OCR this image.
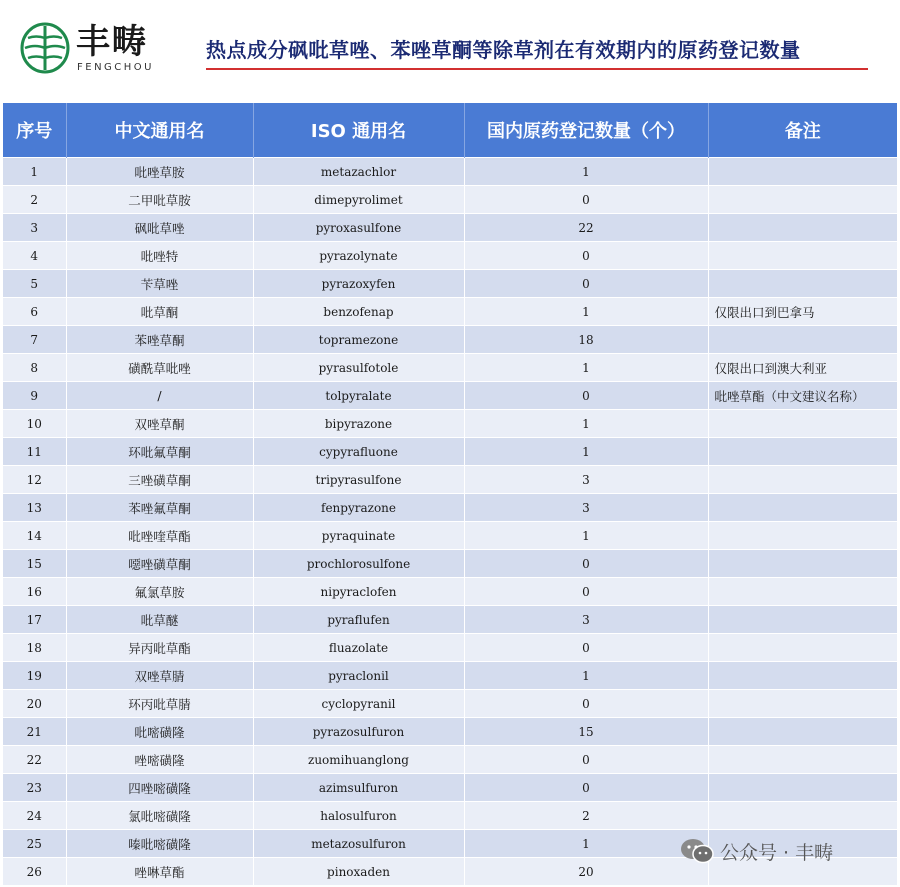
丰畴
FENGCHOU
热点成分砜吡草唑、苯唑草酮等除草剂在有效期内的原药登记数量
序号	中文通用名	ISO 通用名	国内原药登记数量（个）	备注
1	吡唑草胺	metazachlor	1	
2	二甲吡草胺	dimepyrolimet	0	
3	砜吡草唑	pyroxasulfone	22	
4	吡唑特	pyrazolynate	0	
5	苄草唑	pyrazoxyfen	0	
6	吡草酮	benzofenap	1	仅限出口到巴拿马
7	苯唑草酮	topramezone	18	
8	磺酰草吡唑	pyrasulfotole	1	仅限出口到澳大利亚
9	/	tolpyralate	0	吡唑草酯（中文建议名称）
10	双唑草酮	bipyrazone	1	
11	环吡氟草酮	cypyrafluone	1	
12	三唑磺草酮	tripyrasulfone	3	
13	苯唑氟草酮	fenpyrazone	3	
14	吡唑喹草酯	pyraquinate	1	
15	噁唑磺草酮	prochlorosulfone	0	
16	氟氯草胺	nipyraclofen	0	
17	吡草醚	pyraflufen	3	
18	异丙吡草酯	fluazolate	0	
19	双唑草腈	pyraclonil	1	
20	环丙吡草腈	cyclopyranil	0	
21	吡嘧磺隆	pyrazosulfuron	15	
22	唑嘧磺隆	zuomihuanglong	0	
23	四唑嘧磺隆	azimsulfuron	0	
24	氯吡嘧磺隆	halosulfuron	2	
25	嗪吡嘧磺隆	metazosulfuron	1	
26	唑啉草酯	pinoxaden	20	
公众号 · 丰畴
